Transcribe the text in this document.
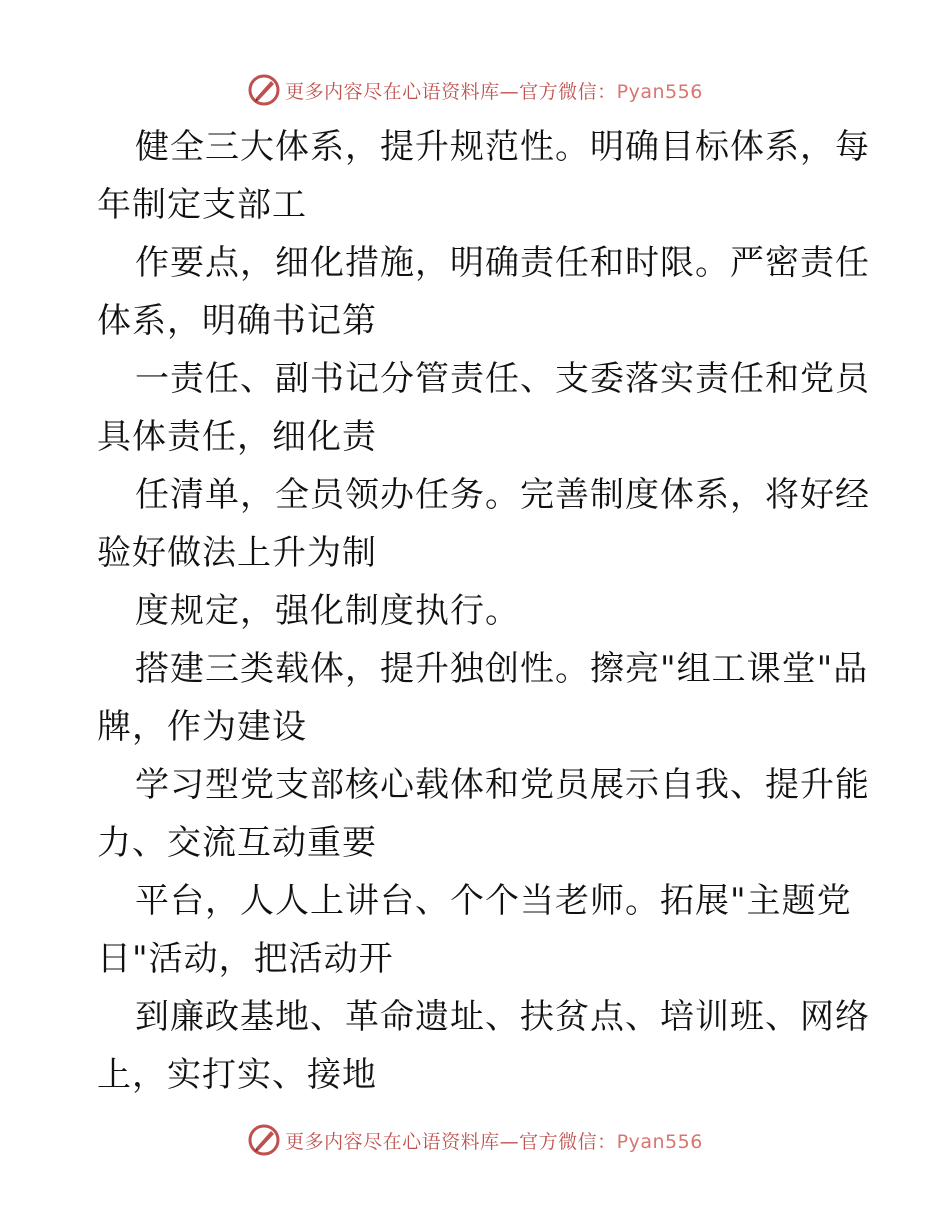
更多内容尽在心语资料库—官方微信：Pyan556
健全三大体系，提升规范性。明确目标体系，每
年制定支部工
作要点，细化措施，明确责任和时限。严密责任
体系，明确书记第
一责任、副书记分管责任、支委落实责任和党员
具体责任，细化责
任清单，全员领办任务。完善制度体系，将好经
验好做法上升为制
度规定，强化制度执行。
搭建三类载体，提升独创性。擦亮"组工课堂"品
牌，作为建设
学习型党支部核心载体和党员展示自我、提升能
力、交流互动重要
平台，人人上讲台、个个当老师。拓展"主题党
日"活动，把活动开
到廉政基地、革命遗址、扶贫点、培训班、网络
上，实打实、接地
更多内容尽在心语资料库—官方微信：Pyan556
